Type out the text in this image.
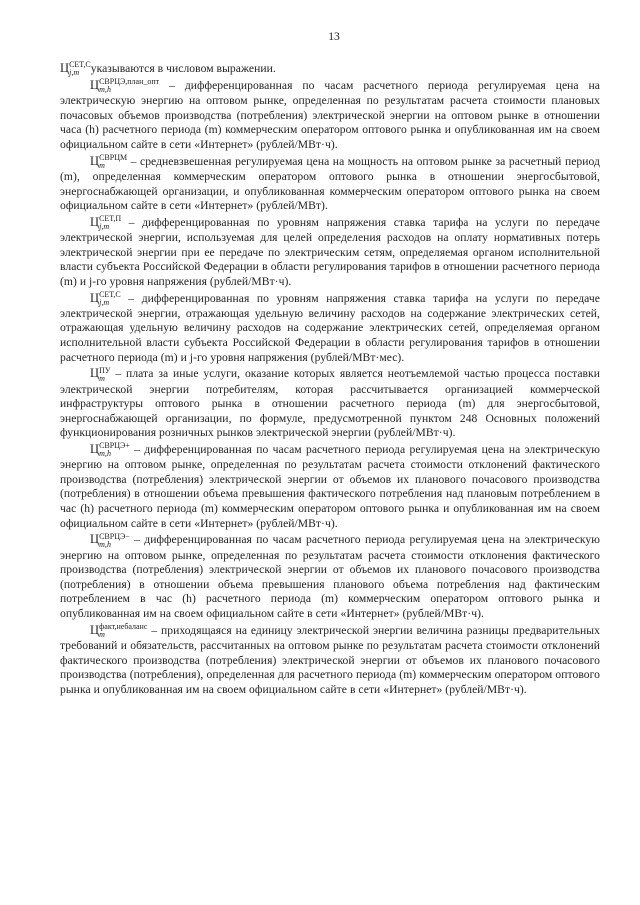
13

Ц СЕТ,С
j,m указываются в числовом выражении.

Ц СВРЦЭ,план_опт
m,h	– дифференцированная по часам расчетного периода регулируемая цена на электрическую энергию на оптовом рынке, определенная по результатам расчета стоимости плановых почасовых объемов производства (потребления) электрической энергии на оптовом рынке в отношении часа (h) расчетного периода (m) коммерческим оператором оптового рынка и опубликованная им на своем официальном сайте в сети «Интернет» (рублей/МВт·ч).

Ц СВРЦМ
m	– средневзвешенная регулируемая цена на мощность на оптовом рынке за расчетный период (m), определенная коммерческим оператором оптового рынка в отношении энергосбытовой, энергоснабжающей организации, и опубликованная коммерческим оператором оптового рынка на своем официальном сайте в сети «Интернет» (рублей/МВт).

Ц СЕТ,П
j,m	– дифференцированная по уровням напряжения ставка тарифа на услуги по передаче электрической энергии, используемая для целей определения расходов на оплату нормативных потерь электрической энергии при ее передаче по электрическим сетям, определяемая органом исполнительной власти субъекта Российской Федерации в области регулирования тарифов в отношении расчетного периода (m) и j-го уровня напряжения (рублей/МВт·ч).

Ц СЕТ,С
j,m – дифференцированная по уровням напряжения ставка тарифа на услуги по передаче электрической энергии, отражающая удельную величину расходов на содержание электрических сетей, отражающая удельную величину расходов на содержание электрических сетей, определяемая органом исполнительной власти субъекта Российской Федерации в области регулирования тарифов в отношении расчетного периода (m) и j-го уровня напряжения (рублей/МВт·мес).

Ц ПУ
m – плата за иные услуги, оказание которых является неотъемлемой частью процесса поставки электрической энергии потребителям, которая рассчитывается организацией коммерческой инфраструктуры оптового рынка в отношении расчетного периода (m) для энергосбытовой, энергоснабжающей организации, по формуле, предусмотренной пунктом 248 Основных положений функционирования розничных рынков электрической энергии (рублей/МВт·ч).

Ц СВРЦЭ+
m,h	– дифференцированная по часам расчетного периода регулируемая цена на электрическую энергию на оптовом рынке, определенная по результатам расчета стоимости отклонений фактического производства (потребления) электрической энергии от объемов их планового почасового производства (потребления) в отношении объема превышения фактического потребления над плановым потреблением в час (h) расчетного периода (m) коммерческим оператором оптового рынка и опубликованная им на своем официальном сайте в сети «Интернет» (рублей/МВт·ч).

Ц СВРЦЭ−
m,h	– дифференцированная по часам расчетного периода регулируемая цена на электрическую энергию на оптовом рынке, определенная по результатам расчета стоимости отклонения фактического производства (потребления) электрической энергии от объемов их планового почасового производства (потребления) в отношении объема превышения планового объема потребления над фактическим потреблением в час (h) расчетного периода (m) коммерческим оператором оптового рынка и опубликованная им на своем официальном сайте в сети «Интернет» (рублей/МВт·ч).

Ц факт,небаланс
m	– приходящаяся на единицу электрической энергии величина разницы предварительных требований и обязательств, рассчитанных на оптовом рынке по результатам расчета стоимости отклонений фактического производства (потребления) электрической энергии от объемов их планового почасового производства (потребления), определенная для расчетного периода (m) коммерческим оператором оптового рынка и опубликованная им на своем официальном сайте в сети «Интернет» (рублей/МВт·ч).
